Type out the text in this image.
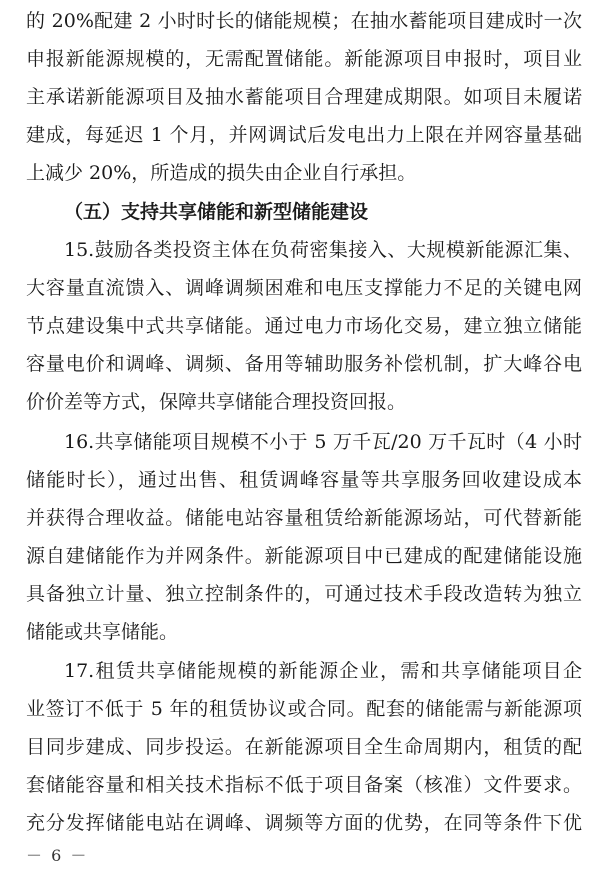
的 20%配建 2 小时时长的储能规模；在抽水蓄能项目建成时一次
申报新能源规模的，无需配置储能。新能源项目申报时，项目业
主承诺新能源项目及抽水蓄能项目合理建成期限。如项目未履诺
建成，每延迟 1 个月，并网调试后发电出力上限在并网容量基础
上减少 20%，所造成的损失由企业自行承担。
（五）支持共享储能和新型储能建设
15.鼓励各类投资主体在负荷密集接入、大规模新能源汇集、
大容量直流馈入、调峰调频困难和电压支撑能力不足的关键电网
节点建设集中式共享储能。通过电力市场化交易，建立独立储能
容量电价和调峰、调频、备用等辅助服务补偿机制，扩大峰谷电
价价差等方式，保障共享储能合理投资回报。
16.共享储能项目规模不小于 5 万千瓦/20 万千瓦时（4 小时
储能时长），通过出售、租赁调峰容量等共享服务回收建设成本
并获得合理收益。储能电站容量租赁给新能源场站，可代替新能
源自建储能作为并网条件。新能源项目中已建成的配建储能设施
具备独立计量、独立控制条件的，可通过技术手段改造转为独立
储能或共享储能。
17.租赁共享储能规模的新能源企业，需和共享储能项目企
业签订不低于 5 年的租赁协议或合同。配套的储能需与新能源项
目同步建成、同步投运。在新能源项目全生命周期内，租赁的配
套储能容量和相关技术指标不低于项目备案（核准）文件要求。
充分发挥储能电站在调峰、调频等方面的优势，在同等条件下优
－ 6 －
